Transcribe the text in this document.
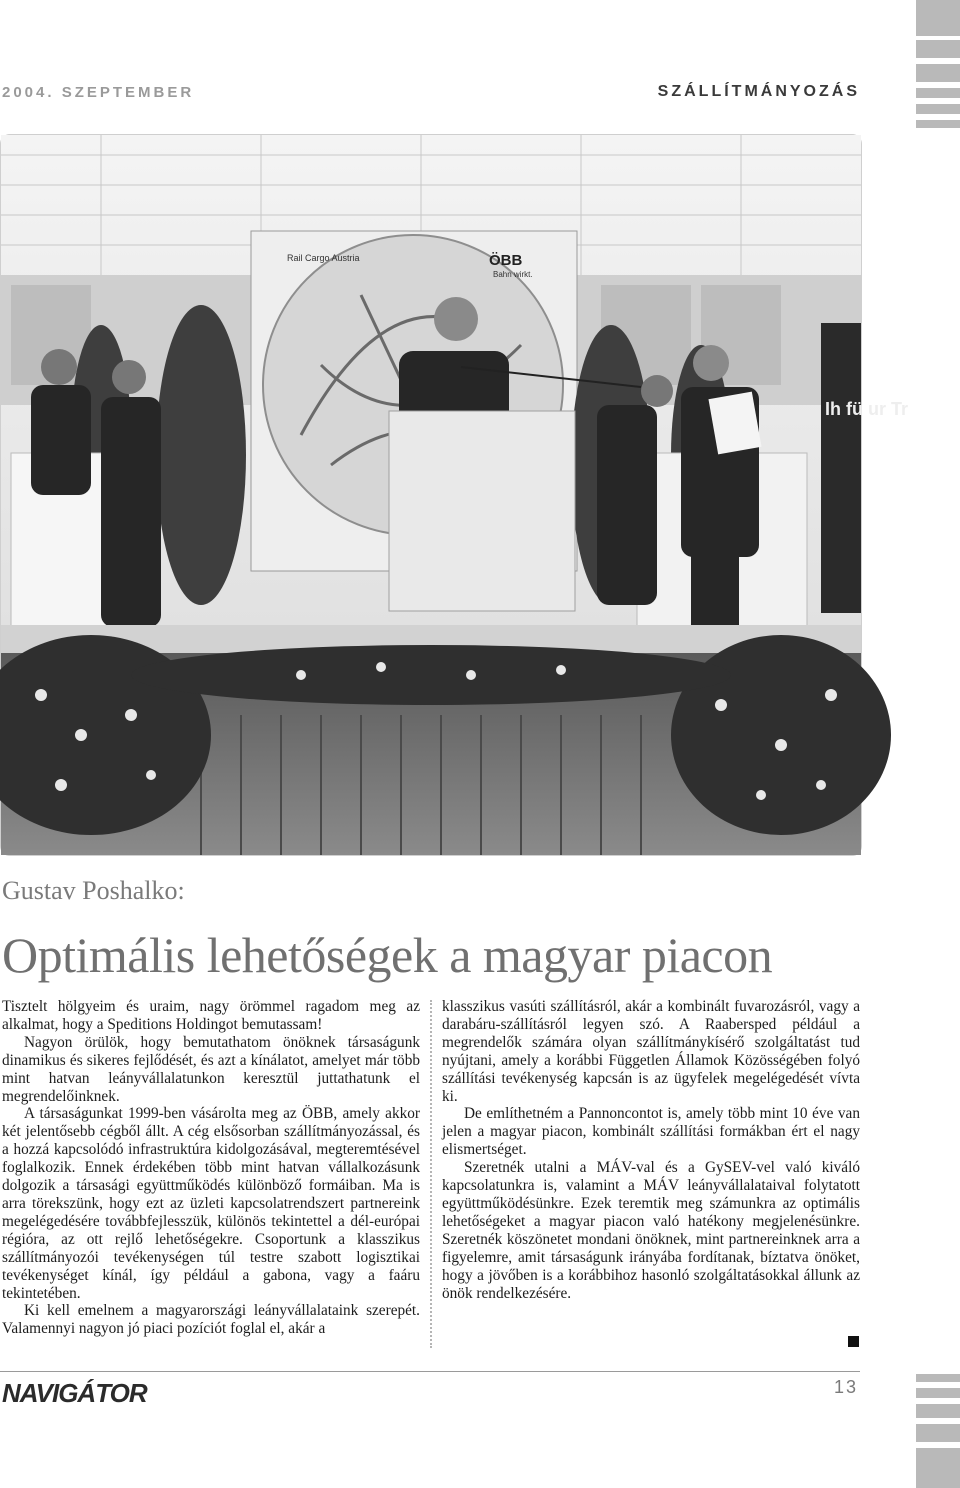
2004. SZEPTEMBER	SZÁLLÍTMÁNYOZÁS
Rail Cargo Austria	ÖBB
Bahn wirkt.
Ih fü ur Tr
Gustav Poshalko:
Optimális lehetőségek a magyar piacon

Tisztelt hölgyeim és uraim, nagy örömmel ragadom meg az alkalmat, hogy a Speditions Holdingot bemutassam!

Nagyon örülök, hogy bemutathatom önöknek társaságunk dinamikus és sikeres fejlődését, és azt a kínálatot, amelyet már több mint hatvan leányvállalatunkon keresztül juttathatunk el megrendelőinknek.

A társaságunkat 1999-ben vásárolta meg az ÖBB, amely akkor két jelentősebb cégből állt. A cég elsősorban szállítmányozással, és a hozzá kapcsolódó infrastruktúra kidolgozásával, megteremtésével foglalkozik. Ennek érdekében több mint hatvan vállalkozásunk dolgozik a társasági együttműködés különböző formáiban. Ma is arra törekszünk, hogy ezt az üzleti kapcsolatrendszert partnereink megelégedésére továbbfejlesszük, különös tekintettel a dél-európai régióra, az ott rejlő lehetőségekre. Csoportunk a klasszikus szállítmányozói tevékenységen túl testre szabott logisztikai tevékenységet kínál, így például a gabona, vagy a faáru tekintetében.

Ki kell emelnem a magyarországi leányvállalataink szerepét. Valamennyi nagyon jó piaci pozíciót foglal el, akár a

klasszikus vasúti szállításról, akár a kombinált fuvarozásról, vagy a darabáru-szállításról legyen szó. A Raabersped például a megrendelők számára olyan szállítmánykísérő szolgáltatást tud nyújtani, amely a korábbi Független Államok Közösségében folyó szállítási tevékenység kapcsán is az ügyfelek megelégedését vívta ki.

De említhetném a Pannoncontot is, amely több mint 10 éve van jelen a magyar piacon, kombinált szállítási formákban ért el nagy elismertséget.

Szeretnék utalni a MÁV-val és a GySEV-vel való kiváló kapcsolatunkra is, valamint a MÁV leányvállalataival folytatott együttműködésünkre. Ezek teremtik meg számunkra az optimális lehetőségeket a magyar piacon való hatékony megjelenésünkre. Szeretnék köszönetet mondani önöknek, mint partnereinknek arra a figyelemre, amit társaságunk irányába fordítanak, bíztatva önöket, hogy a jövőben is a korábbihoz hasonló szolgáltatásokkal állunk az önök rendelkezésére.

NAVIGÁTOR	13
